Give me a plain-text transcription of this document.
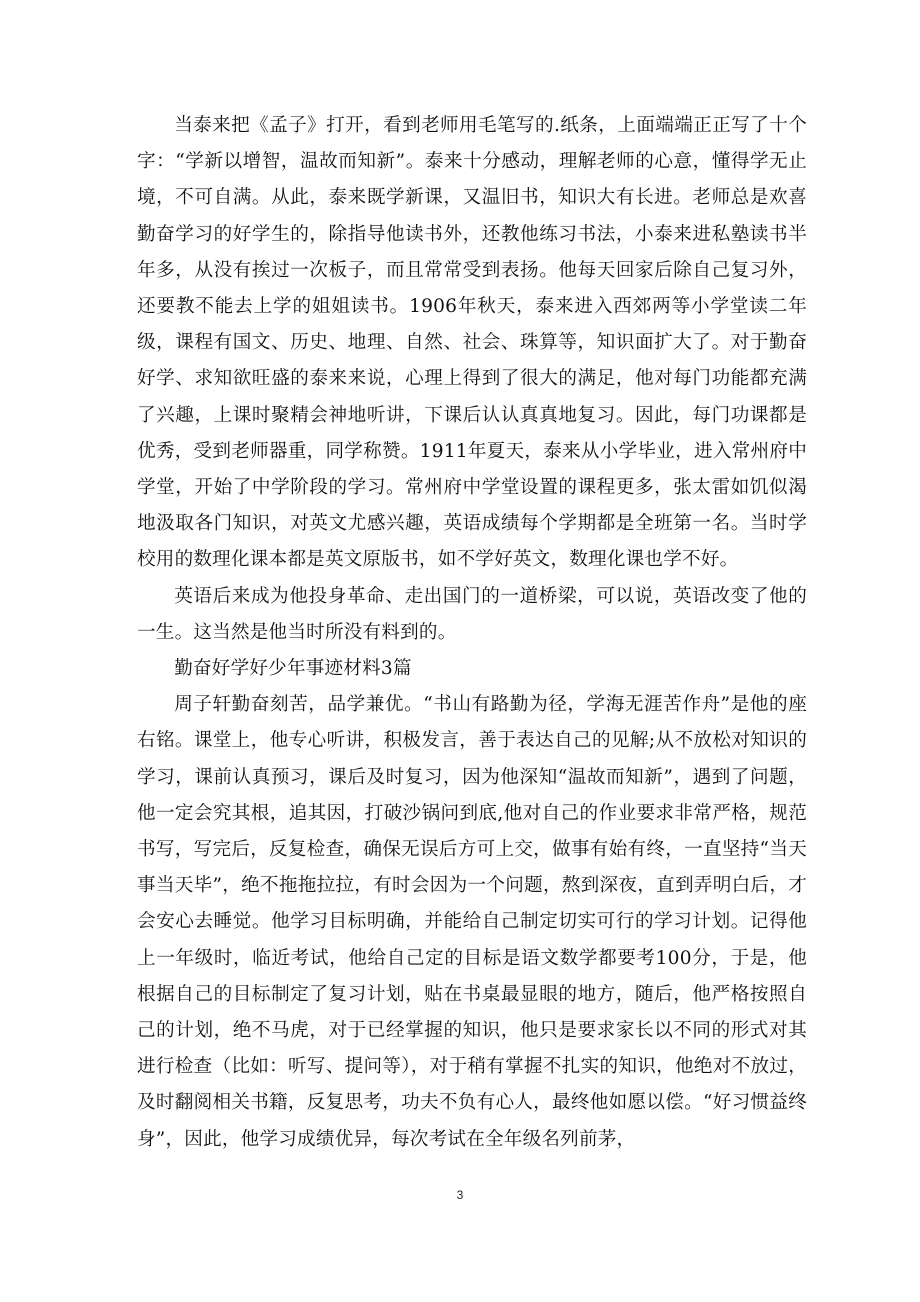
当泰来把《孟子》打开，看到老师用毛笔写的.纸条，上面端端正正写了十个字：“学新以增智，温故而知新”。泰来十分感动，理解老师的心意，懂得学无止境，不可自满。从此，泰来既学新课，又温旧书，知识大有长进。老师总是欢喜勤奋学习的好学生的，除指导他读书外，还教他练习书法，小泰来进私塾读书半年多，从没有挨过一次板子，而且常常受到表扬。他每天回家后除自己复习外，还要教不能去上学的姐姐读书。1906年秋天，泰来进入西郊两等小学堂读二年级，课程有国文、历史、地理、自然、社会、珠算等，知识面扩大了。对于勤奋好学、求知欲旺盛的泰来来说，心理上得到了很大的满足，他对每门功能都充满了兴趣，上课时聚精会神地听讲，下课后认认真真地复习。因此，每门功课都是优秀，受到老师器重，同学称赞。1911年夏天，泰来从小学毕业，进入常州府中学堂，开始了中学阶段的学习。常州府中学堂设置的课程更多，张太雷如饥似渴地汲取各门知识，对英文尤感兴趣，英语成绩每个学期都是全班第一名。当时学校用的数理化课本都是英文原版书，如不学好英文，数理化课也学不好。

英语后来成为他投身革命、走出国门的一道桥梁，可以说，英语改变了他的一生。这当然是他当时所没有料到的。

勤奋好学好少年事迹材料3篇

周子轩勤奋刻苦，品学兼优。“书山有路勤为径，学海无涯苦作舟”是他的座右铭。课堂上，他专心听讲，积极发言，善于表达自己的见解;从不放松对知识的学习，课前认真预习，课后及时复习，因为他深知“温故而知新”，遇到了问题，他一定会究其根，追其因，打破沙锅问到底,他对自己的作业要求非常严格，规范书写，写完后，反复检查，确保无误后方可上交，做事有始有终，一直坚持“当天事当天毕”，绝不拖拖拉拉，有时会因为一个问题，熬到深夜，直到弄明白后，才会安心去睡觉。他学习目标明确，并能给自己制定切实可行的学习计划。记得他上一年级时，临近考试，他给自己定的目标是语文数学都要考100分，于是，他根据自己的目标制定了复习计划，贴在书桌最显眼的地方，随后，他严格按照自己的计划，绝不马虎，对于已经掌握的知识，他只是要求家长以不同的形式对其进行检查（比如：听写、提问等），对于稍有掌握不扎实的知识，他绝对不放过，及时翻阅相关书籍，反复思考，功夫不负有心人，最终他如愿以偿。“好习惯益终身”，因此，他学习成绩优异，每次考试在全年级名列前茅，

3
